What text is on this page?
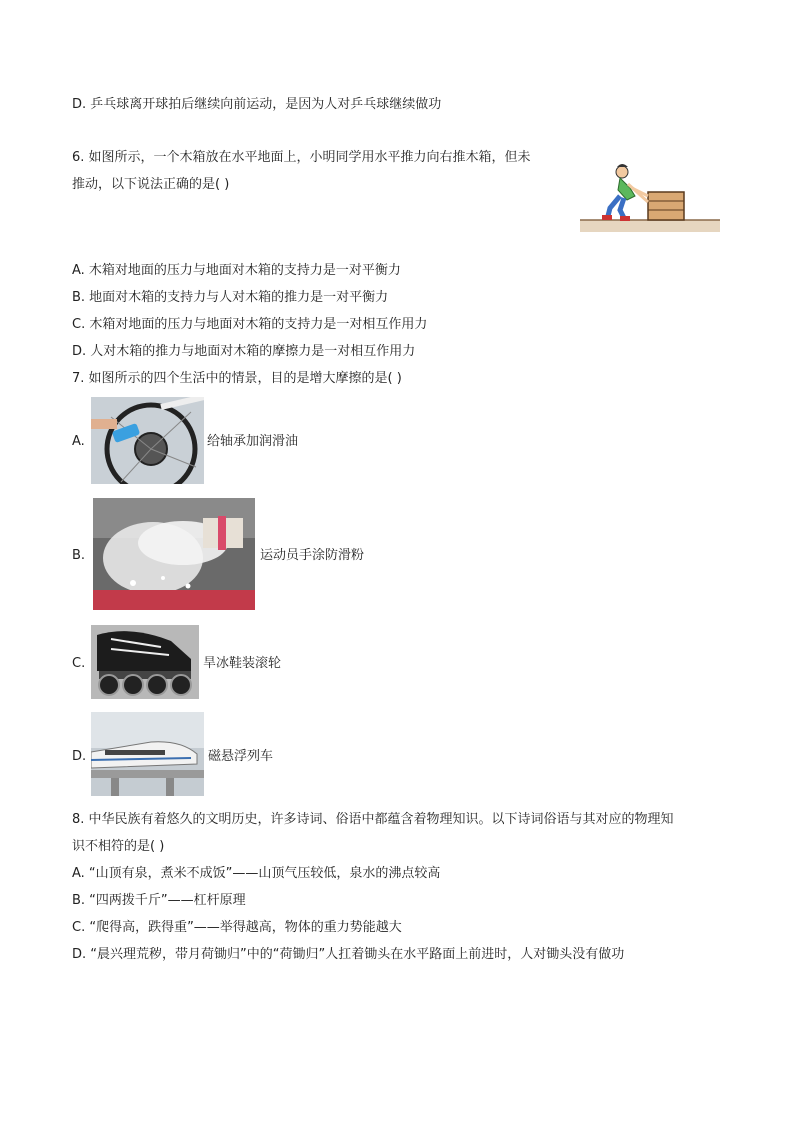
D. 乒乓球离开球拍后继续向前运动，是因为人对乒乓球继续做功
6. 如图所示，一个木箱放在水平地面上，小明同学用水平推力向右推木箱，但未
推动，以下说法正确的是( )
A. 木箱对地面的压力与地面对木箱的支持力是一对平衡力
B. 地面对木箱的支持力与人对木箱的推力是一对平衡力
C. 木箱对地面的压力与地面对木箱的支持力是一对相互作用力
D. 人对木箱的推力与地面对木箱的摩擦力是一对相互作用力
7. 如图所示的四个生活中的情景，目的是增大摩擦的是( )
A.	给轴承加润滑油
B.	运动员手涂防滑粉
C.	旱冰鞋装滚轮
D.	磁悬浮列车
8. 中华民族有着悠久的文明历史，许多诗词、俗语中都蕴含着物理知识。以下诗词俗语与其对应的物理知
识不相符的是( )
A. “山顶有泉，煮米不成饭”——山顶气压较低，泉水的沸点较高
B. “四两拨千斤”——杠杆原理
C. “爬得高，跌得重”——举得越高，物体的重力势能越大
D. “晨兴理荒秽，带月荷锄归”中的“荷锄归”人扛着锄头在水平路面上前进时，人对锄头没有做功
